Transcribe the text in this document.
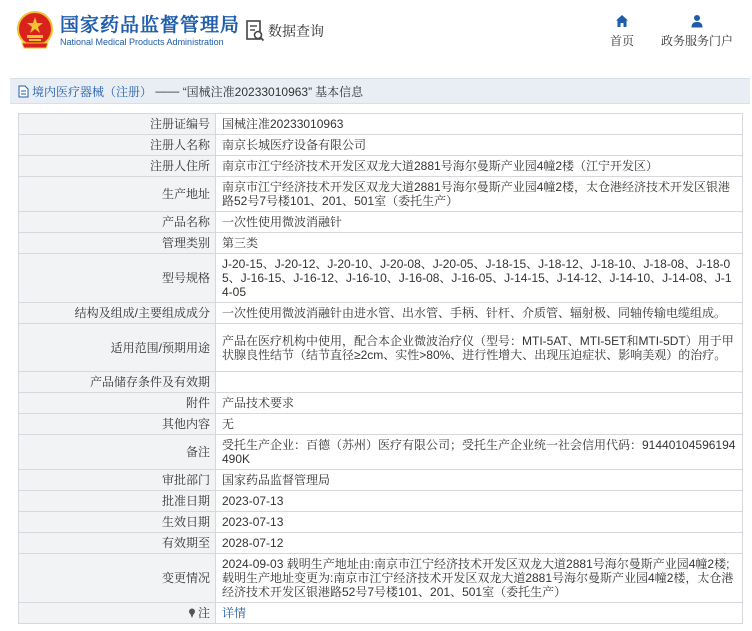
国家药品监督管理局
National Medical Products Administration
数据查询
首页	政务服务门户
境内医疗器械（注册） —— “国械注准20233010963” 基本信息
注册证编号	国械注准20233010963
注册人名称	南京长城医疗设备有限公司
注册人住所	南京市江宁经济技术开发区双龙大道2881号海尔曼斯产业园4幢2楼（江宁开发区）
生产地址	南京市江宁经济技术开发区双龙大道2881号海尔曼斯产业园4幢2楼，太仓港经济技术开发区银港路52号7号楼101、201、501室（委托生产）
产品名称	一次性使用微波消融针
管理类别	第三类
型号规格	J-20-15、J-20-12、J-20-10、J-20-08、J-20-05、J-18-15、J-18-12、J-18-10、J-18-08、J-18-05、J-16-15、J-16-12、J-16-10、J-16-08、J-16-05、J-14-15、J-14-12、J-14-10、J-14-08、J-14-05
结构及组成/主要组成成分	一次性使用微波消融针由进水管、出水管、手柄、针杆、介质管、辐射极、同轴传输电缆组成。
适用范围/预期用途	产品在医疗机构中使用，配合本企业微波治疗仪（型号：MTI-5AT、MTI-5ET和MTI-5DT）用于甲状腺良性结节（结节直径≥2cm、实性>80%、进行性增大、出现压迫症状、影响美观）的治疗。
产品储存条件及有效期	
附件	产品技术要求
其他内容	无
备注	受托生产企业：百德（苏州）医疗有限公司；受托生产企业统一社会信用代码：91440104596194490K
审批部门	国家药品监督管理局
批准日期	2023-07-13
生效日期	2023-07-13
有效期至	2028-07-12
变更情况	2024-09-03 载明生产地址由:南京市江宁经济技术开发区双龙大道2881号海尔曼斯产业园4幢2楼;载明生产地址变更为:南京市江宁经济技术开发区双龙大道2881号海尔曼斯产业园4幢2楼，太仓港经济技术开发区银港路52号7号楼101、201、501室（委托生产）
注	详情
